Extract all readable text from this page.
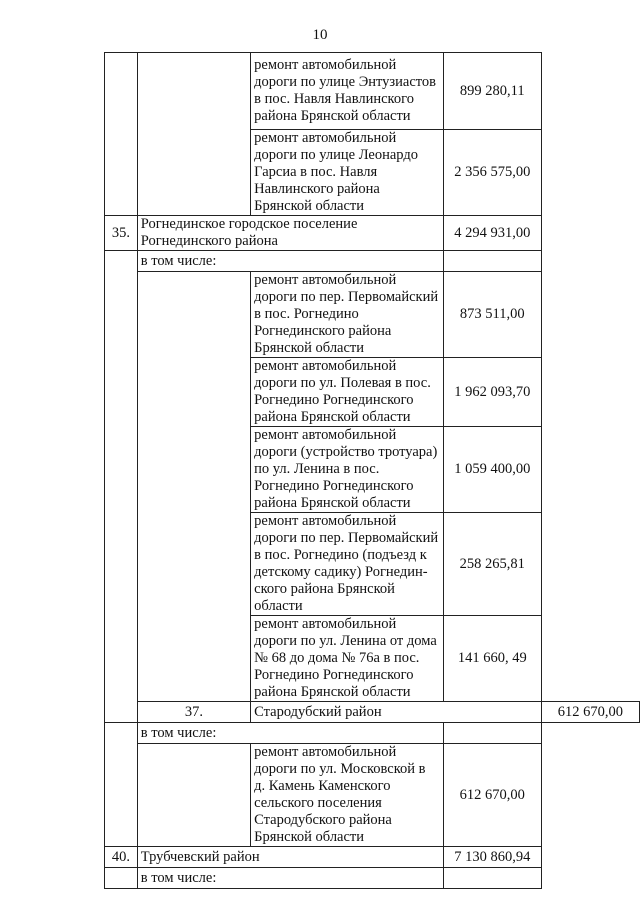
10
		ремонт автомобильной дороги по улице Энтузиастов в пос. Навля Навлинского района Брянской области	899 280,11	
		ремонт автомобильной дороги по улице Леонардо Гарсиа в пос. Навля Навлинского района Брянской области	2 356 575,00	
35.	Рогнединское городское поселение Рогнединского района		4 294 931,00	
	в том числе:			
		ремонт автомобильной дороги по пер. Первомайский в пос. Рогнедино Рогнединского района Брянской области	873 511,00	
		ремонт автомобильной дороги по ул. Полевая в пос. Рогнедино Рогнединского района Брянской области	1 962 093,70	
		ремонт автомобильной дороги (устройство тротуара) по ул. Ленина в пос. Рогнедино Рогнединского района Брянской области	1 059 400,00	
		ремонт автомобильной дороги по пер. Первомайский в пос. Рогнедино (подъезд к детскому садику) Рогнедин-ского района Брянской области	258 265,81	
		ремонт автомобильной дороги по ул. Ленина от дома № 68 до дома № 76а в пос. Рогнедино Рогнединского района Брянской области	141 660, 49	
	37.	Стародубский район		612 670,00
	в том числе:			
		ремонт автомобильной дороги по ул. Московской в д. Камень Каменского сельского поселения Стародубского района Брянской области	612 670,00	
40.	Трубчевский район		7 130 860,94	
	в том числе:			
